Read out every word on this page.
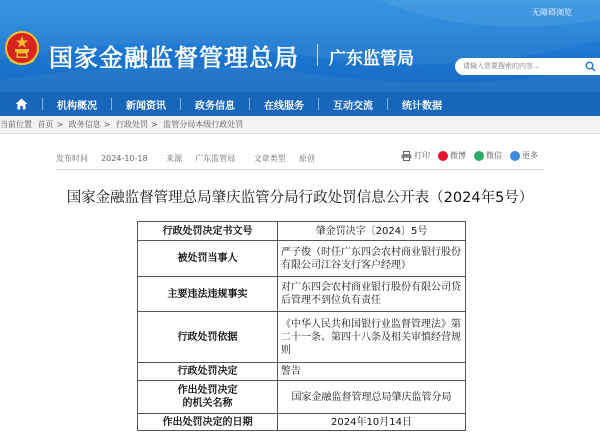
国家金融监督管理总局 广东监管局
无障碍浏览
请输入您要搜索的内容...
机构概况	新闻资讯	政务信息	在线服务	互动交流	统计数据
当前位置 首页 > 政务信息 > 行政处罚 > 监管分局本级行政处罚
发布时间 2024-10-18 来源 广东监管局 文章类型 原创	打印	微博	微信	更多
国家金融监督管理总局肇庆监管分局行政处罚信息公开表（2024年5号）
行政处罚决定书文号	肇金罚决字〔2024〕5号
被处罚当事人	严子俊（时任广东四会农村商业银行股份有限公司江谷支行客户经理）
主要违法违规事实	对广东四会农村商业银行股份有限公司贷后管理不到位负有责任
行政处罚依据	《中华人民共和国银行业监督管理法》第二十一条、第四十八条及相关审慎经营规则
行政处罚决定	警告
作出处罚决定的机关名称	国家金融监督管理总局肇庆监管分局
作出处罚决定的日期	2024年10月14日
